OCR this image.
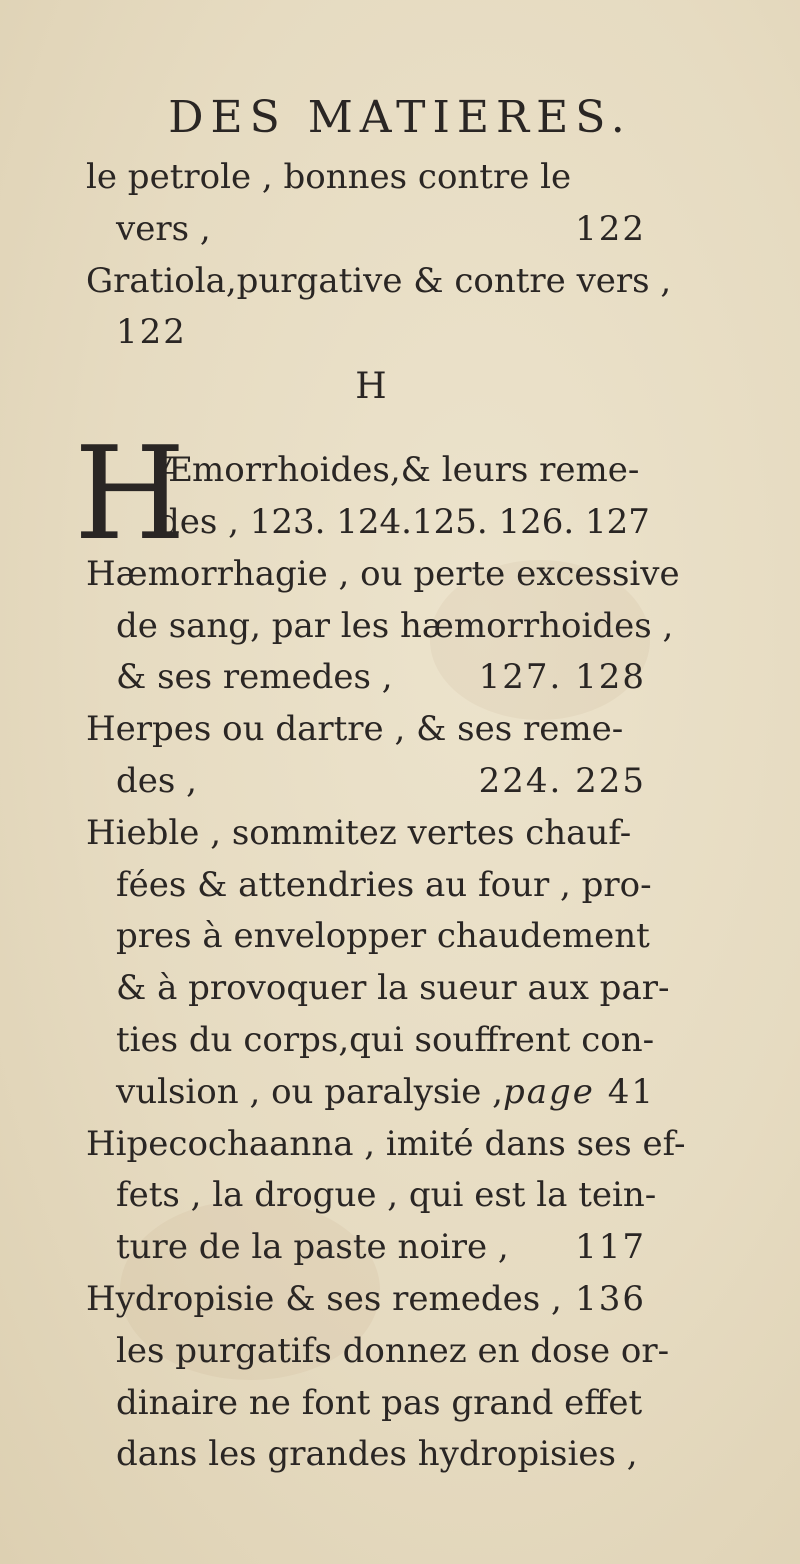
DES MATIERES.
le petrole , bonnes contre le
vers ,	122
Gratiola,purgative & contre vers ,
122
H
H
Æmorrhoides,& leurs reme-
des , 123. 124.125. 126. 127
Hæmorrhagie , ou perte excessive
de sang, par les hæmorrhoides ,
& ses remedes ,	127. 128
Herpes ou dartre , & ses reme-
des ,	224. 225
Hieble , sommitez vertes chauf-
fées & attendries au four , pro-
pres à envelopper chaudement
& à provoquer la sueur aux par-
ties du corps,qui souffrent con-
vulsion , ou paralysie , page 41
Hipecochaanna , imité dans ses ef-
fets , la drogue , qui est la tein-
ture de la paste noire , 117
Hydropisie & ses remedes , 136
les purgatifs donnez en dose or-
dinaire ne font pas grand effet
dans les grandes hydropisies ,
